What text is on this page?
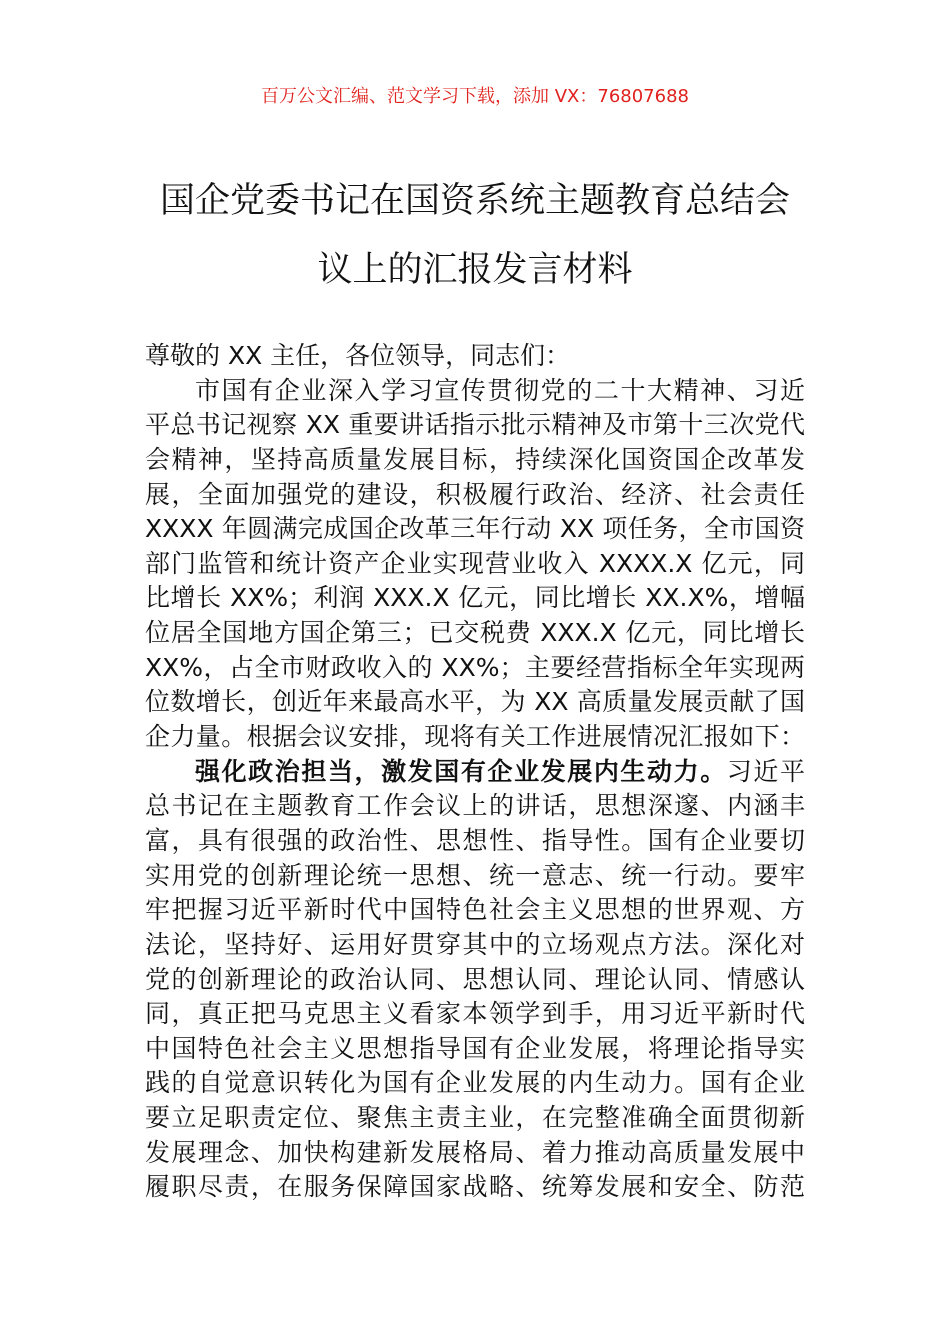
百万公文汇编、范文学习下载，添加 VX：76807688
国企党委书记在国资系统主题教育总结会
议上的汇报发言材料
尊敬的 XX 主任，各位领导，同志们：
市国有企业深入学习宣传贯彻党的二十大精神、习近
平总书记视察 XX 重要讲话指示批示精神及市第十三次党代
会精神，坚持高质量发展目标，持续深化国资国企改革发
展，全面加强党的建设，积极履行政治、经济、社会责任
XXXX 年圆满完成国企改革三年行动 XX 项任务，全市国资
部门监管和统计资产企业实现营业收入 XXXX.X 亿元，同
比增长 XX%；利润 XXX.X 亿元，同比增长 XX.X%，增幅
位居全国地方国企第三；已交税费 XXX.X 亿元，同比增长
XX%，占全市财政收入的 XX%；主要经营指标全年实现两
位数增长，创近年来最高水平，为 XX 高质量发展贡献了国
企力量。根据会议安排，现将有关工作进展情况汇报如下：
强化政治担当，激发国有企业发展内生动力。习近平
总书记在主题教育工作会议上的讲话，思想深邃、内涵丰
富，具有很强的政治性、思想性、指导性。国有企业要切
实用党的创新理论统一思想、统一意志、统一行动。要牢
牢把握习近平新时代中国特色社会主义思想的世界观、方
法论，坚持好、运用好贯穿其中的立场观点方法。深化对
党的创新理论的政治认同、思想认同、理论认同、情感认
同，真正把马克思主义看家本领学到手，用习近平新时代
中国特色社会主义思想指导国有企业发展，将理论指导实
践的自觉意识转化为国有企业发展的内生动力。国有企业
要立足职责定位、聚焦主责主业，在完整准确全面贯彻新
发展理念、加快构建新发展格局、着力推动高质量发展中
履职尽责，在服务保障国家战略、统筹发展和安全、防范
